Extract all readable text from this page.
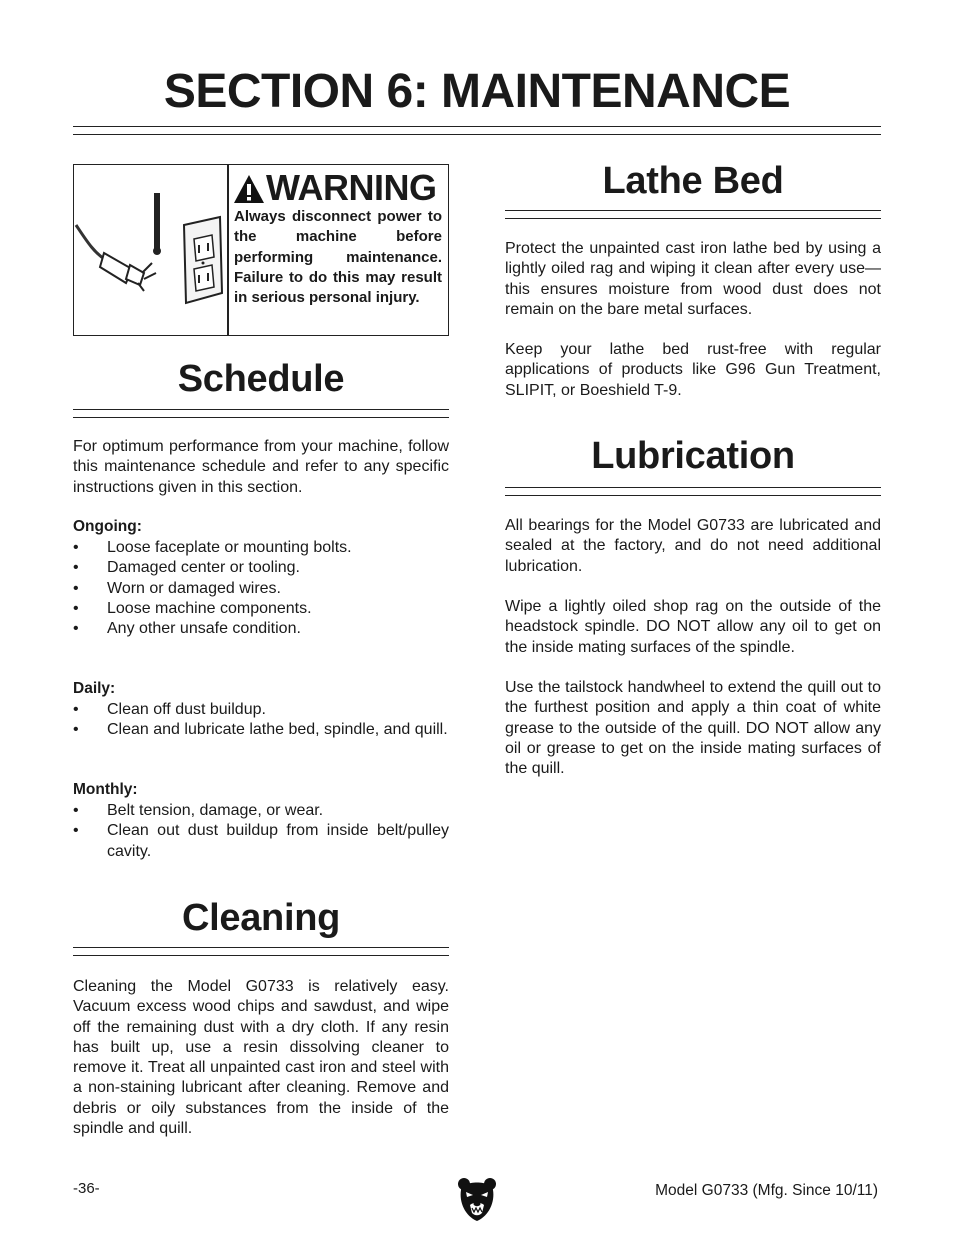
SECTION 6: MAINTENANCE
WARNING

Always disconnect power to the machine before performing maintenance. Failure to do this may result in serious personal injury.

Schedule

For optimum performance from your machine, follow this maintenance schedule and refer to any specific instructions given in this section.

Ongoing:

• Loose faceplate or mounting bolts.
• Damaged center or tooling.
• Worn or damaged wires.
• Loose machine components.
• Any other unsafe condition.

Daily:

• Clean off dust buildup.
• Clean and lubricate lathe bed, spindle, and quill.

Monthly:

• Belt tension, damage, or wear.
• Clean out dust buildup from inside belt/pulley cavity.
Cleaning

Cleaning the Model G0733 is relatively easy. Vacuum excess wood chips and sawdust, and wipe off the remaining dust with a dry cloth. If any resin has built up, use a resin dissolving cleaner to remove it. Treat all unpainted cast iron and steel with a non-staining lubricant after cleaning. Remove and debris or oily substances from the inside of the spindle and quill.

Lathe Bed

Protect the unpainted cast iron lathe bed by using a lightly oiled rag and wiping it clean after every use—this ensures moisture from wood dust does not remain on the bare metal surfaces.

Keep your lathe bed rust-free with regular applications of products like G96 Gun Treatment, SLIPIT, or Boeshield T-9.

Lubrication

All bearings for the Model G0733 are lubricated and sealed at the factory, and do not need additional lubrication.

Wipe a lightly oiled shop rag on the outside of the headstock spindle. DO NOT allow any oil to get on the inside mating surfaces of the spindle.

Use the tailstock handwheel to extend the quill out to the furthest position and apply a thin coat of white grease to the outside of the quill. DO NOT allow any oil or grease to get on the inside mating surfaces of the quill.

-36-	Model G0733 (Mfg. Since 10/11)
